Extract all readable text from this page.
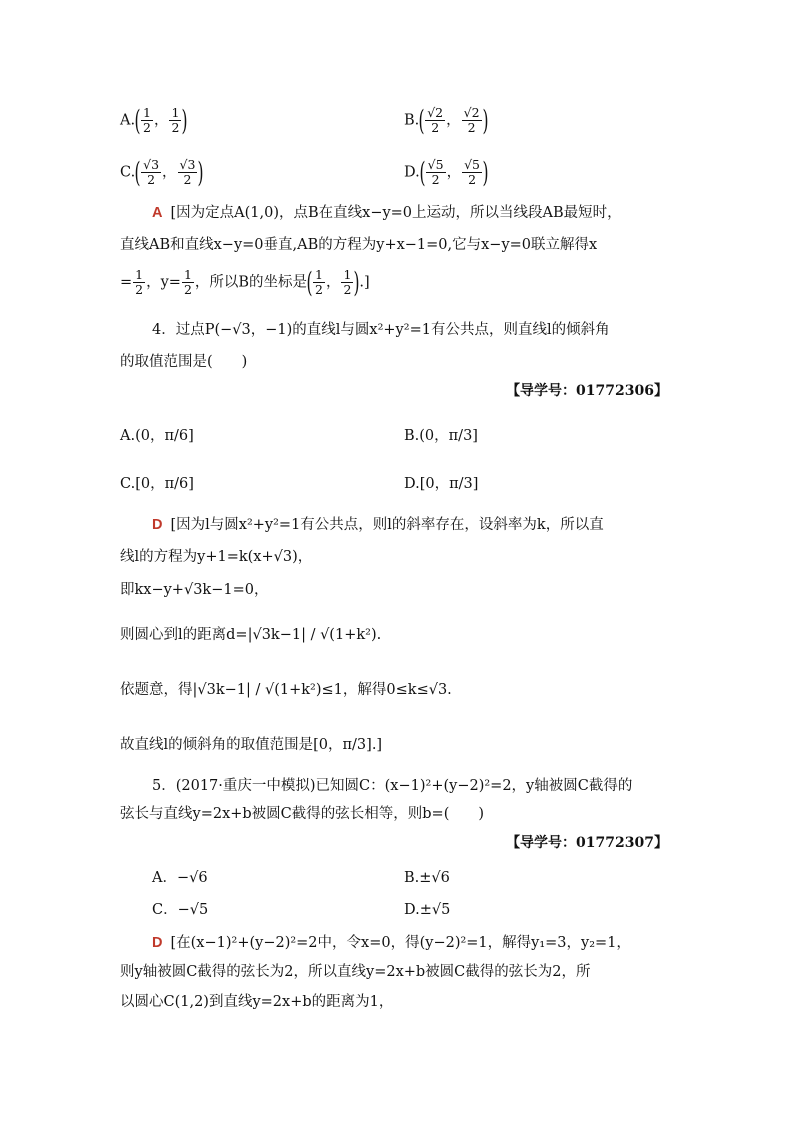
$A.( \frac{1}{2}$ ， $\frac{1}{2}$ )	$B.( \frac{√2}{2}$ ， $\frac{√2}{2}$ )
$C.( \frac{√3}{2}$ ， $\frac{√3}{2}$ )	$D.( \frac{√5}{2}$ ， $\frac{√5}{2}$ )
A [因为定点A(1,0)，点B在直线x−y=0上运动，所以当线段AB最短时，
直线AB和直线x−y=0垂直,AB的方程为y+x−1=0,它与x−y=0联立解得x
= $\frac{1}{2}$ ，$y= \frac{1}{2}$ ，所以B的坐标是( $\frac{1}{2}$ ， $\frac{1}{2}$ ).]
4．过点P(−√3，−1)的直线l与圆x²+y²=1有公共点，则直线l的倾斜角
的取值范围是(　　)
【导学号：01772306】
A.(0，π/6]	B.(0，π/3]
C.[0，π/6]	D.[0，π/3]
D [因为l与圆x²+y²=1有公共点，则l的斜率存在，设斜率为k，所以直
线l的方程为y+1=k(x+√3)，
即kx−y+√3k−1=0，
则圆心到l的距离d=|√3k−1| / √(1+k²).
依题意，得|√3k−1| / √(1+k²)≤1，解得0≤k≤√3.
故直线l的倾斜角的取值范围是[0，π/3].]
5．(2017·重庆一中模拟)已知圆C：(x−1)²+(y−2)²=2，y轴被圆C截得的
弦长与直线y=2x+b被圆C截得的弦长相等，则b=(　　)
【导学号：01772307】
A．−√6	B.±√6
C．−√5	D.±√5
D [在(x−1)²+(y−2)²=2中，令x=0，得(y−2)²=1，解得y₁=3，y₂=1，
则y轴被圆C截得的弦长为2，所以直线y=2x+b被圆C截得的弦长为2，所
以圆心C(1,2)到直线y=2x+b的距离为1，
